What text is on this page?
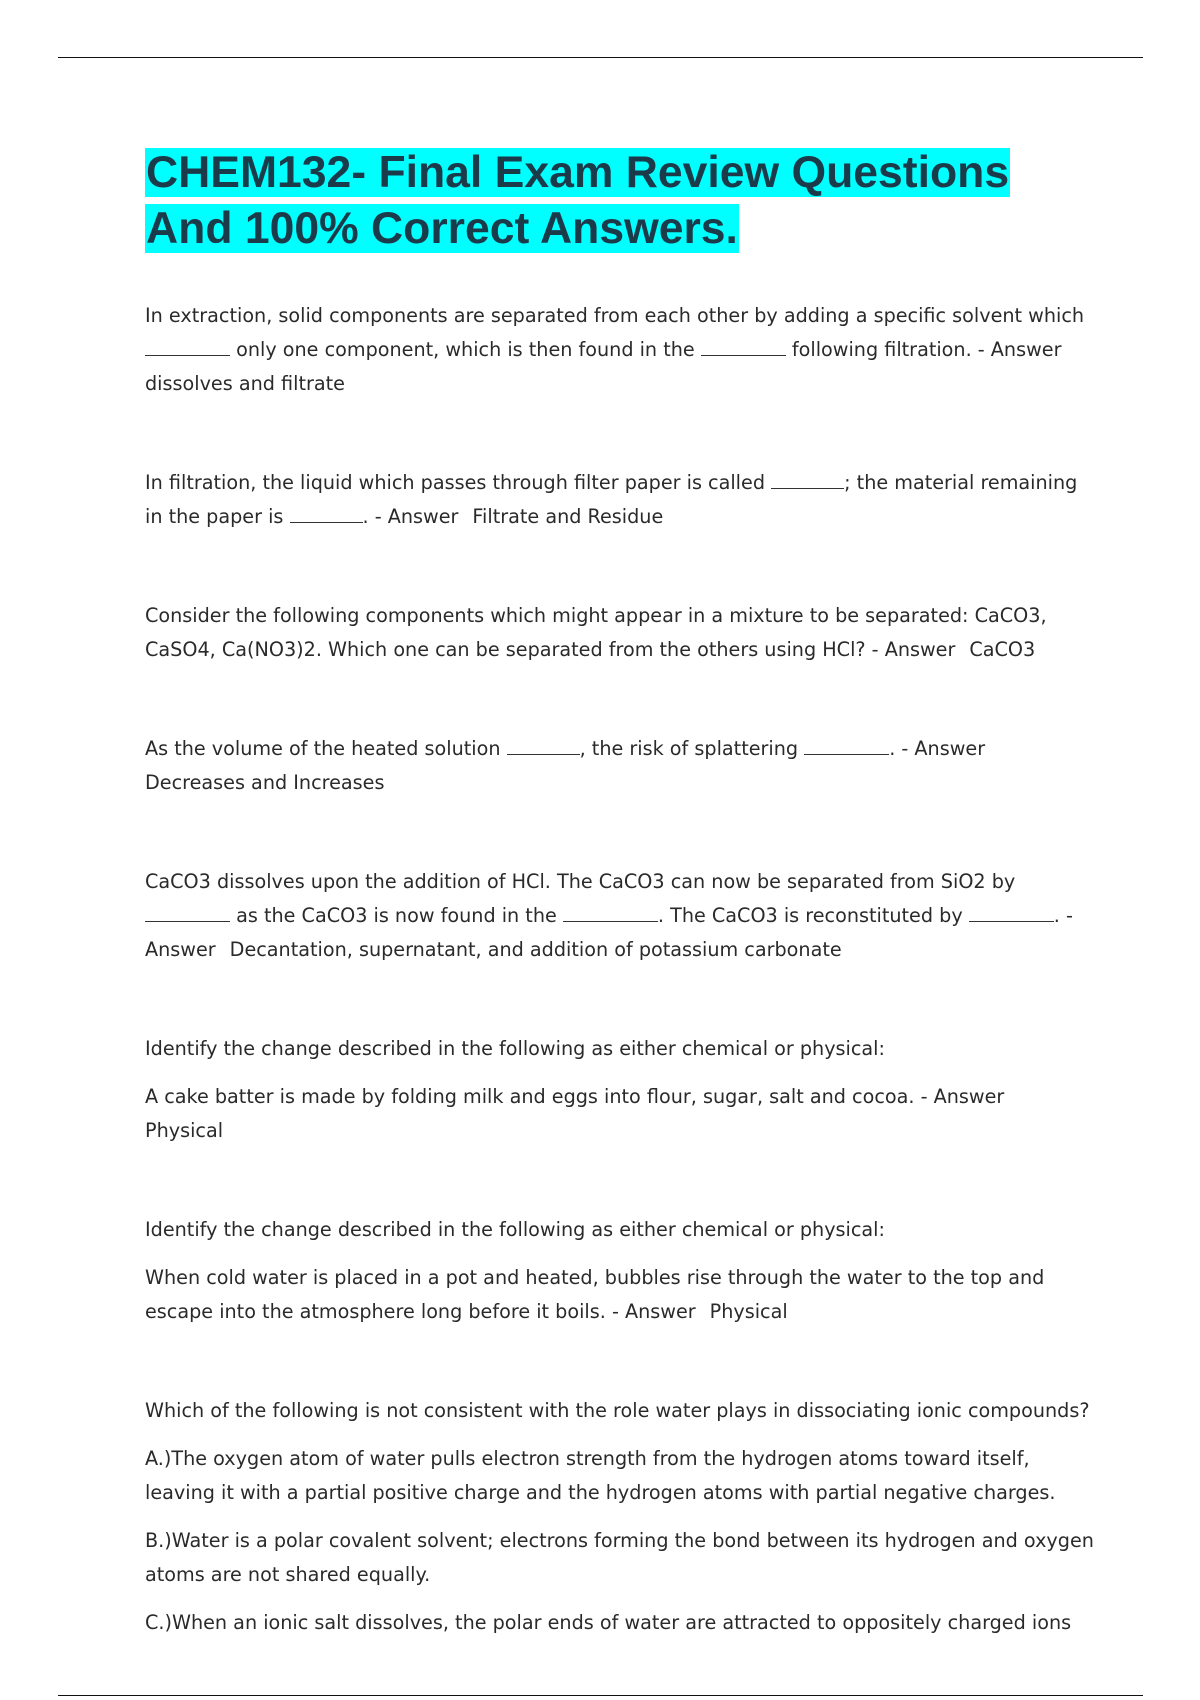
CHEM132- Final Exam Review Questions
And 100% Correct Answers.

In extraction, solid components are separated from each other by adding a specific solvent which  only one component, which is then found in the	following filtration. - Answerdissolves and filtrate

In filtration, the liquid which passes through filter paper is called	; the material remaining in the paper is	. - Answer Filtrate and Residue

Consider the following components which might appear in a mixture to be separated: CaCO3, CaSO4, Ca(NO3)2. Which one can be separated from the others using HCl? - Answer CaCO3

As the volume of the heated solution	, the risk of splattering	. - AnswerDecreases and Increases

CaCO3 dissolves upon the addition of HCl. The CaCO3 can now be separated from SiO2 by  as the CaCO3 is now found in the	. The CaCO3 is reconstituted by	. - Answer Decantation, supernatant, and addition of potassium carbonate

Identify the change described in the following as either chemical or physical:

A cake batter is made by folding milk and eggs into flour, sugar, salt and cocoa. - AnswerPhysical

Identify the change described in the following as either chemical or physical:

When cold water is placed in a pot and heated, bubbles rise through the water to the top and escape into the atmosphere long before it boils. - Answer Physical

Which of the following is not consistent with the role water plays in dissociating ionic compounds?

A.)The oxygen atom of water pulls electron strength from the hydrogen atoms toward itself, leaving it with a partial positive charge and the hydrogen atoms with partial negative charges.

B.)Water is a polar covalent solvent; electrons forming the bond between its hydrogen and oxygen atoms are not shared equally.

C.)When an ionic salt dissolves, the polar ends of water are attracted to oppositely charged ions
